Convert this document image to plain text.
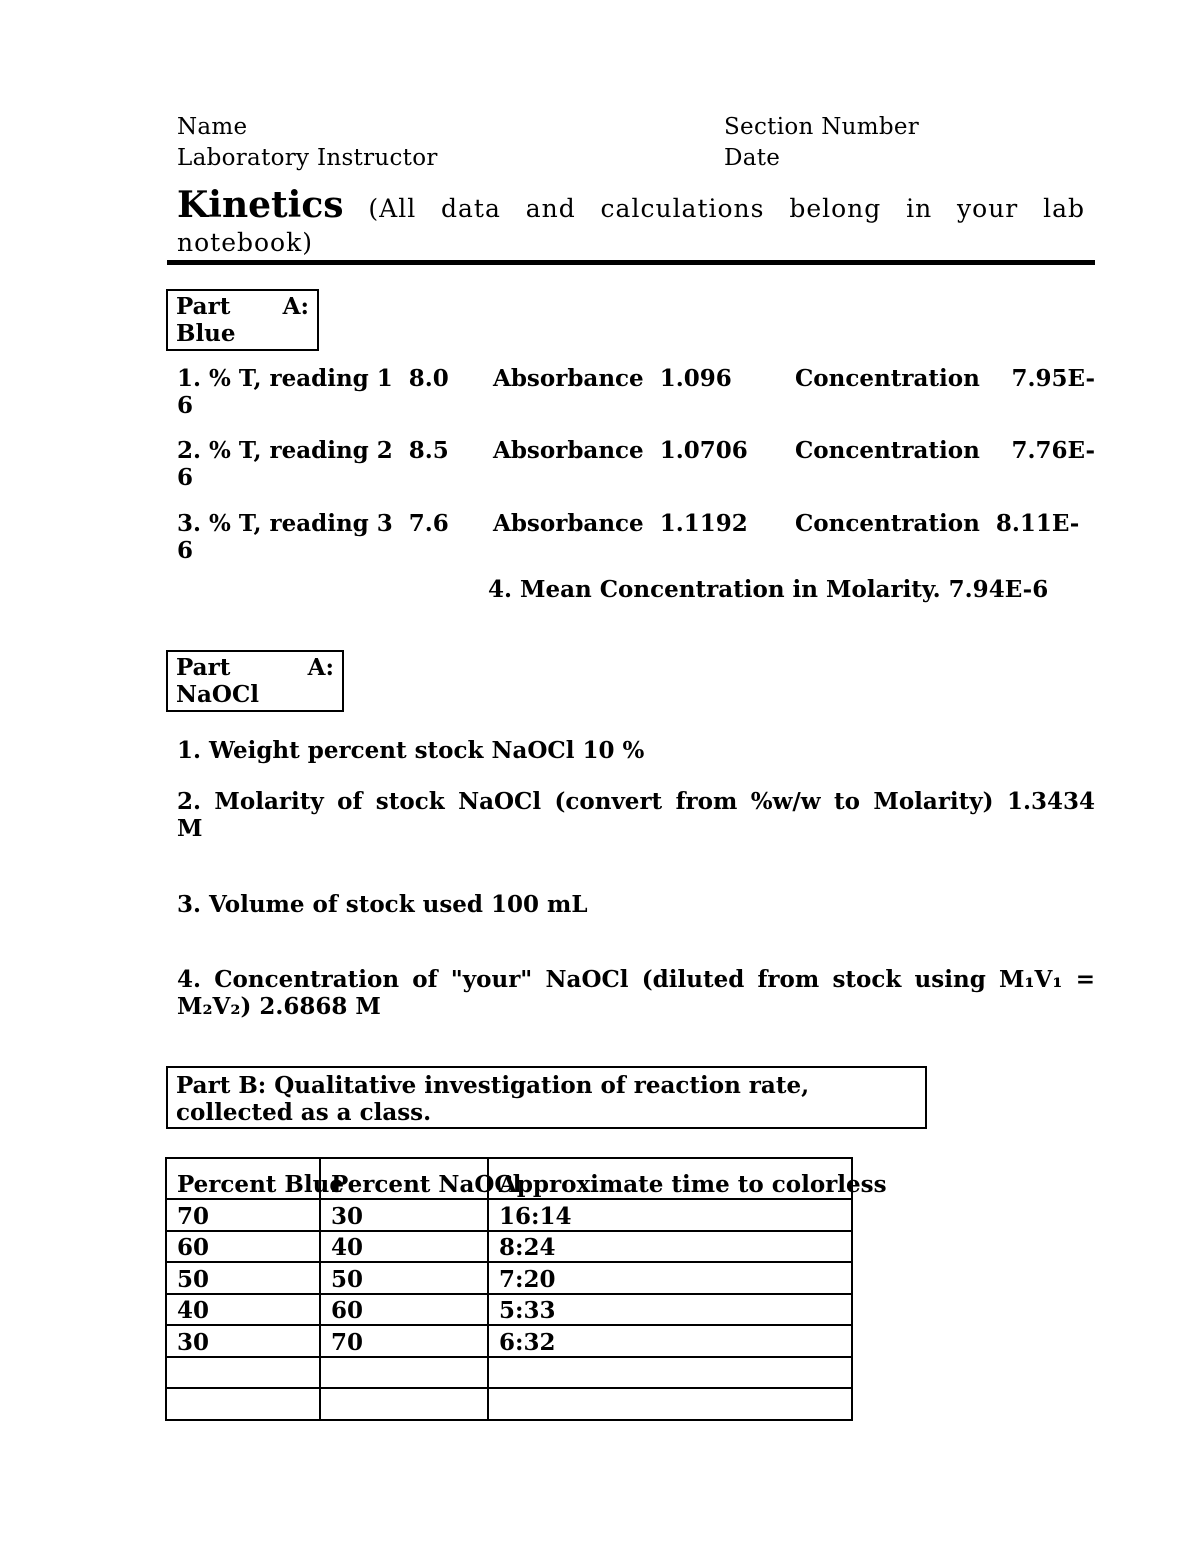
Name	Section Number
Laboratory Instructor	Date
Kinetics (All data and calculations belong in your lab notebook)
Part A:
Blue
1. % T, reading 1 8.0	Absorbance 1.096	Concentration 7.95E-
6
2. % T, reading 2 8.5	Absorbance 1.0706	Concentration 7.76E-
6
3. % T, reading 3 7.6	Absorbance 1.1192	Concentration 8.11E-
6
4. Mean Concentration in Molarity. 7.94E-6
Part	A:
NaOCl
1. Weight percent stock NaOCl 10 %
2. Molarity of stock NaOCl (convert from %w/w to Molarity) 1.3434
M
3. Volume of stock used 100 mL
4. Concentration of "your" NaOCl (diluted from stock using M₁V₁ =
M₂V₂) 2.6868 M
Part B: Qualitative investigation of reaction rate,
collected as a class.
Percent Blue	Percent NaOCl	Approximate time to colorless
70	30	16:14
60	40	8:24
50	50	7:20
40	60	5:33
30	70	6:32
